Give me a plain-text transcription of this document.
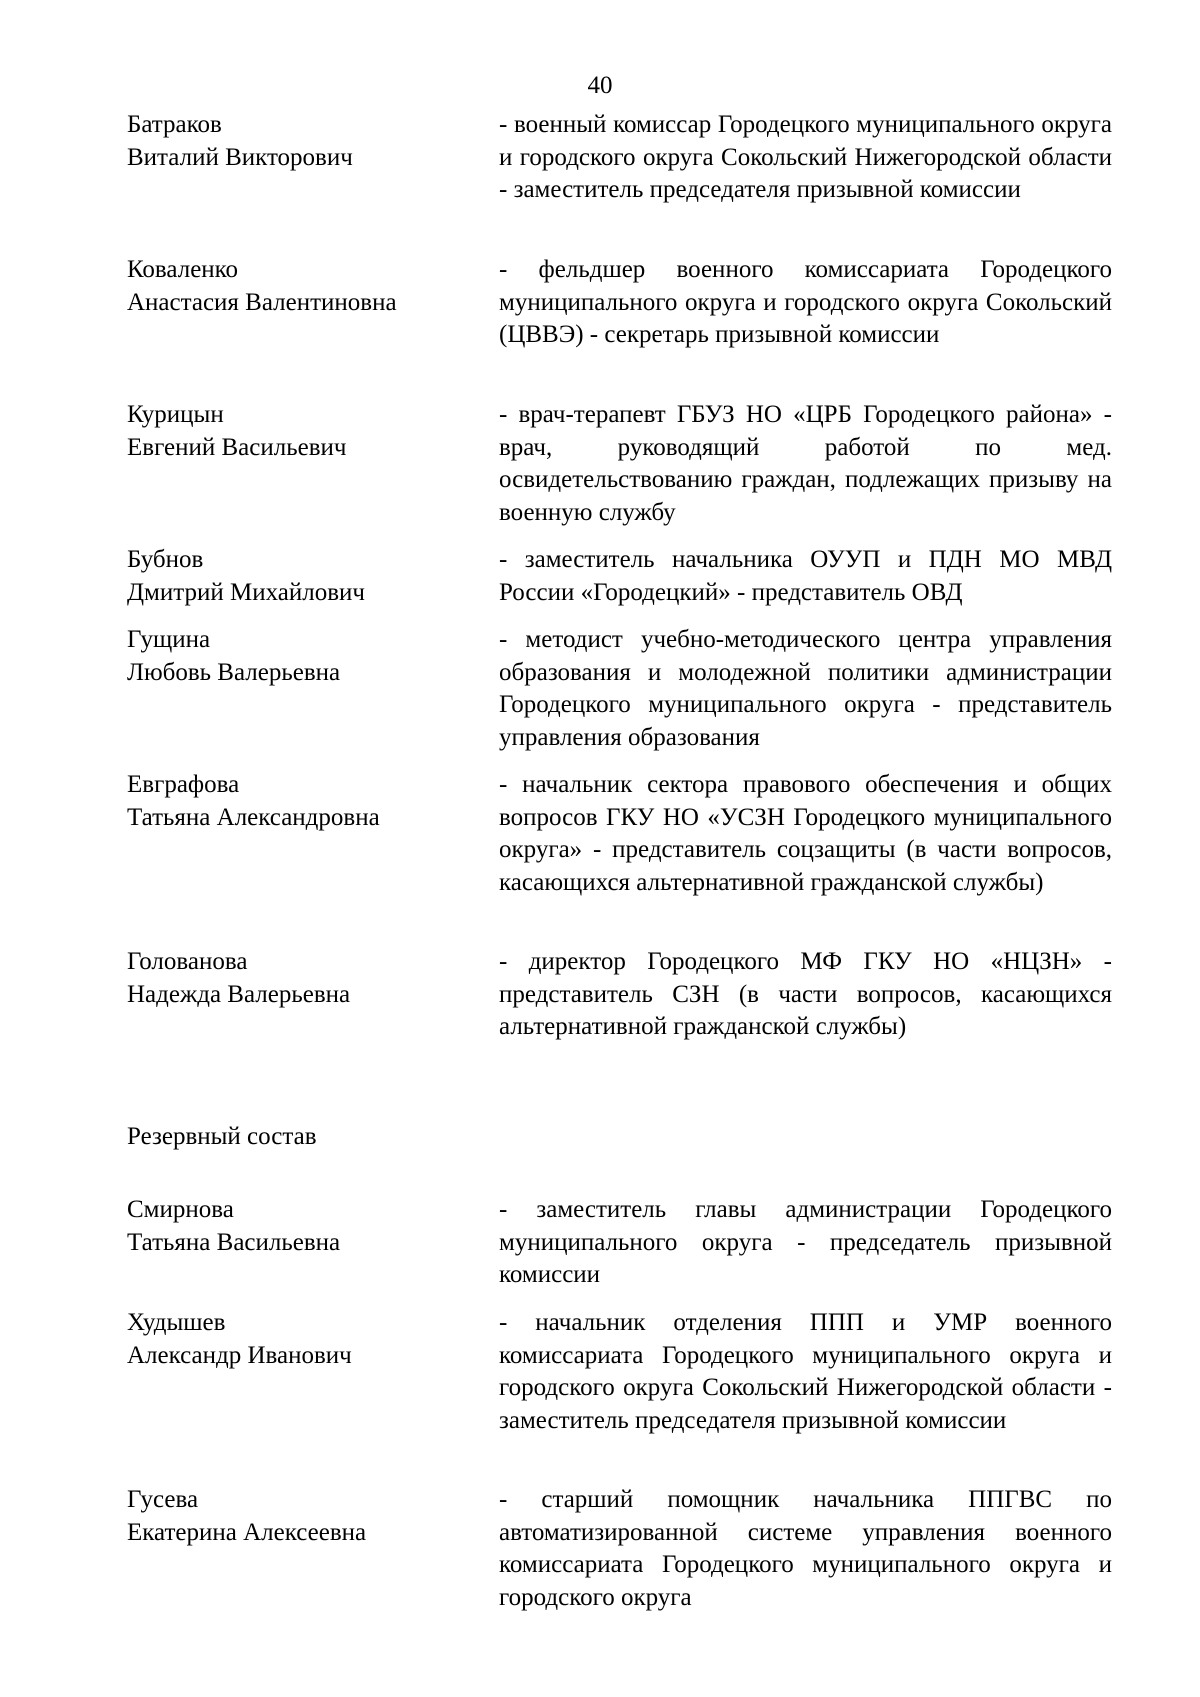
40
Батраков
Виталий Викторович
- военный комиссар Городецкого муниципального округа и городского округа Сокольский Нижегородской области - заместитель председателя призывной комиссии
Коваленко
Анастасия Валентиновна
- фельдшер военного комиссариата Городецкого муниципального округа и городского округа Сокольский (ЦВВЭ) - секретарь призывной комиссии
Курицын
Евгений Васильевич
- врач-терапевт ГБУЗ НО «ЦРБ Городецкого района» - врач, руководящий работой по мед. освидетельствованию граждан, подлежащих призыву на военную службу
Бубнов
Дмитрий Михайлович
- заместитель начальника ОУУП и ПДН МО МВД России «Городецкий» - представитель ОВД
Гущина
Любовь Валерьевна
- методист учебно-методического центра управления образования и молодежной политики администрации Городецкого муниципального округа - представитель управления образования
Евграфова
Татьяна Александровна
- начальник сектора правового обеспечения и общих вопросов ГКУ НО «УСЗН Городецкого муниципального округа» - представитель соцзащиты (в части вопросов, касающихся альтернативной гражданской службы)
Голованова
Надежда Валерьевна
- директор Городецкого МФ ГКУ НО «НЦЗН» - представитель СЗН (в части вопросов, касающихся альтернативной гражданской службы)
Резервный состав
Смирнова
Татьяна Васильевна
- заместитель главы администрации Городецкого муниципального округа - председатель призывной комиссии
Худышев
Александр Иванович
- начальник отделения ППП и УМР военного комиссариата Городецкого муниципального округа и городского округа Сокольский Нижегородской области - заместитель председателя призывной комиссии
Гусева
Екатерина Алексеевна
- старший помощник начальника ППГВС по автоматизированной системе управления военного комиссариата Городецкого муниципального округа и городского округа
